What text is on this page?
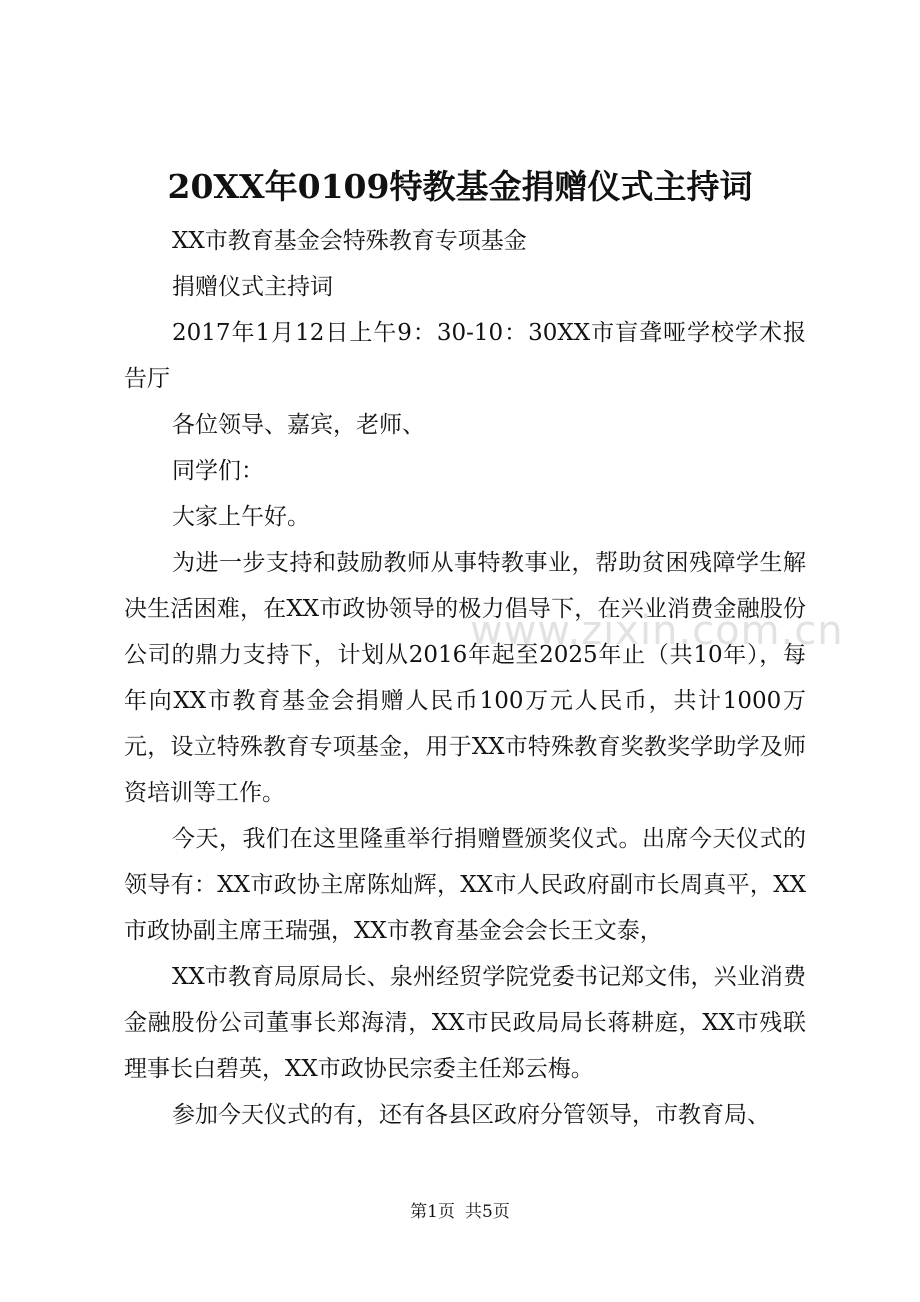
20XX年0109特教基金捐赠仪式主持词

XX市教育基金会特殊教育专项基金

捐赠仪式主持词

2017年1月12日上午9：30-10：30XX市盲聋哑学校学术报告厅

各位领导、嘉宾，老师、

同学们：

大家上午好。

为进一步支持和鼓励教师从事特教事业，帮助贫困残障学生解决生活困难，在XX市政协领导的极力倡导下，在兴业消费金融股份公司的鼎力支持下，计划从2016年起至2025年止（共10年），每年向XX市教育基金会捐赠人民币100万元人民币，共计1000万元，设立特殊教育专项基金，用于XX市特殊教育奖教奖学助学及师资培训等工作。

今天，我们在这里隆重举行捐赠暨颁奖仪式。出席今天仪式的领导有：XX市政协主席陈灿辉，XX市人民政府副市长周真平，XX市政协副主席王瑞强，XX市教育基金会会长王文泰，

XX市教育局原局长、泉州经贸学院党委书记郑文伟，兴业消费金融股份公司董事长郑海清，XX市民政局局长蒋耕庭，XX市残联理事长白碧英，XX市政协民宗委主任郑云梅。

参加今天仪式的有，还有各县区政府分管领导，市教育局、

www.zixin.com.cn
第1页 共5页
